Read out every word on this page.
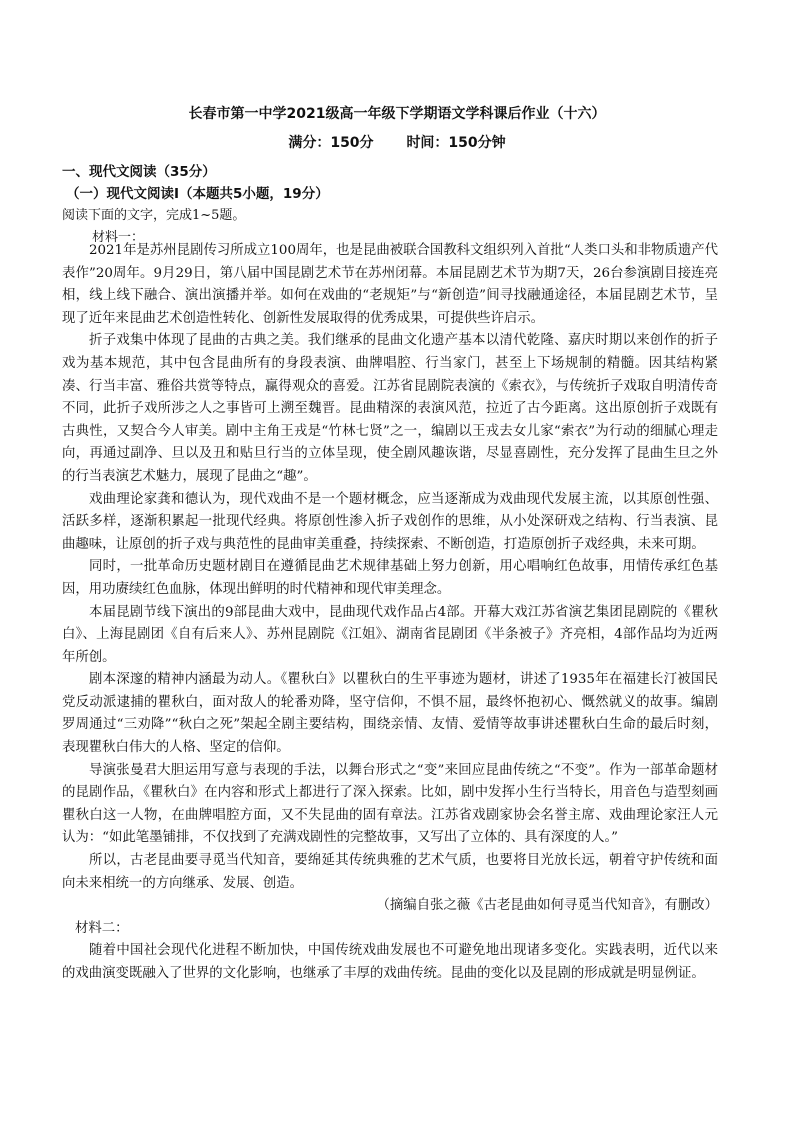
长春市第一中学2021级高一年级下学期语文学科课后作业（十六）
满分：150分 时间：150分钟
一、现代文阅读（35分）
（一）现代文阅读Ⅰ（本题共5小题，19分）
阅读下面的文字，完成1~5题。
材料一：

2021年是苏州昆剧传习所成立100周年，也是昆曲被联合国教科文组织列入首批“人类口头和非物质遗产代表作”20周年。9月29日，第八届中国昆剧艺术节在苏州闭幕。本届昆剧艺术节为期7天，26台参演剧目接连亮相，线上线下融合、演出演播并举。如何在戏曲的“老规矩”与“新创造”间寻找融通途径，本届昆剧艺术节，呈现了近年来昆曲艺术创造性转化、创新性发展取得的优秀成果，可提供些许启示。

折子戏集中体现了昆曲的古典之美。我们继承的昆曲文化遗产基本以清代乾隆、嘉庆时期以来创作的折子戏为基本规范，其中包含昆曲所有的身段表演、曲牌唱腔、行当家门，甚至上下场规制的精髓。因其结构紧凑、行当丰富、雅俗共赏等特点，赢得观众的喜爱。江苏省昆剧院表演的《索衣》，与传统折子戏取自明清传奇不同，此折子戏所涉之人之事皆可上溯至魏晋。昆曲精深的表演风范，拉近了古今距离。这出原创折子戏既有古典性，又契合今人审美。剧中主角王戎是“竹林七贤”之一，编剧以王戎去女儿家“索衣”为行动的细腻心理走向，再通过副净、旦以及丑和贴旦行当的立体呈现，使全剧风趣诙谐，尽显喜剧性，充分发挥了昆曲生旦之外的行当表演艺术魅力，展现了昆曲之“趣”。

戏曲理论家龚和德认为，现代戏曲不是一个题材概念，应当逐渐成为戏曲现代发展主流，以其原创性强、活跃多样，逐渐积累起一批现代经典。将原创性渗入折子戏创作的思维，从小处深研戏之结构、行当表演、昆曲趣味，让原创的折子戏与典范性的昆曲审美重叠，持续探索、不断创造，打造原创折子戏经典，未来可期。

同时，一批革命历史题材剧目在遵循昆曲艺术规律基础上努力创新，用心唱响红色故事，用情传承红色基因，用功赓续红色血脉，体现出鲜明的时代精神和现代审美理念。

本届昆剧节线下演出的9部昆曲大戏中，昆曲现代戏作品占4部。开幕大戏江苏省演艺集团昆剧院的《瞿秋白》、上海昆剧团《自有后来人》、苏州昆剧院《江姐》、湖南省昆剧团《半条被子》齐亮相，4部作品均为近两年所创。

剧本深邃的精神内涵最为动人。《瞿秋白》以瞿秋白的生平事迹为题材，讲述了1935年在福建长汀被国民党反动派逮捕的瞿秋白，面对敌人的轮番劝降，坚守信仰，不惧不屈，最终怀抱初心、慨然就义的故事。编剧罗周通过“三劝降”“秋白之死”架起全剧主要结构，围绕亲情、友情、爱情等故事讲述瞿秋白生命的最后时刻，表现瞿秋白伟大的人格、坚定的信仰。

导演张曼君大胆运用写意与表现的手法，以舞台形式之“变”来回应昆曲传统之“不变”。作为一部革命题材的昆剧作品，《瞿秋白》在内容和形式上都进行了深入探索。比如，剧中发挥小生行当特长，用音色与造型刻画瞿秋白这一人物，在曲牌唱腔方面，又不失昆曲的固有章法。江苏省戏剧家协会名誉主席、戏曲理论家汪人元认为：“如此笔墨铺排，不仅找到了充满戏剧性的完整故事，又写出了立体的、具有深度的人。”

所以，古老昆曲要寻觅当代知音，要绵延其传统典雅的艺术气质，也要将目光放长远，朝着守护传统和面向未来相统一的方向继承、发展、创造。

（摘编自张之薇《古老昆曲如何寻觅当代知音》，有删改）

材料二：

随着中国社会现代化进程不断加快，中国传统戏曲发展也不可避免地出现诸多变化。实践表明，近代以来的戏曲演变既融入了世界的文化影响，也继承了丰厚的戏曲传统。昆曲的变化以及昆剧的形成就是明显例证。
